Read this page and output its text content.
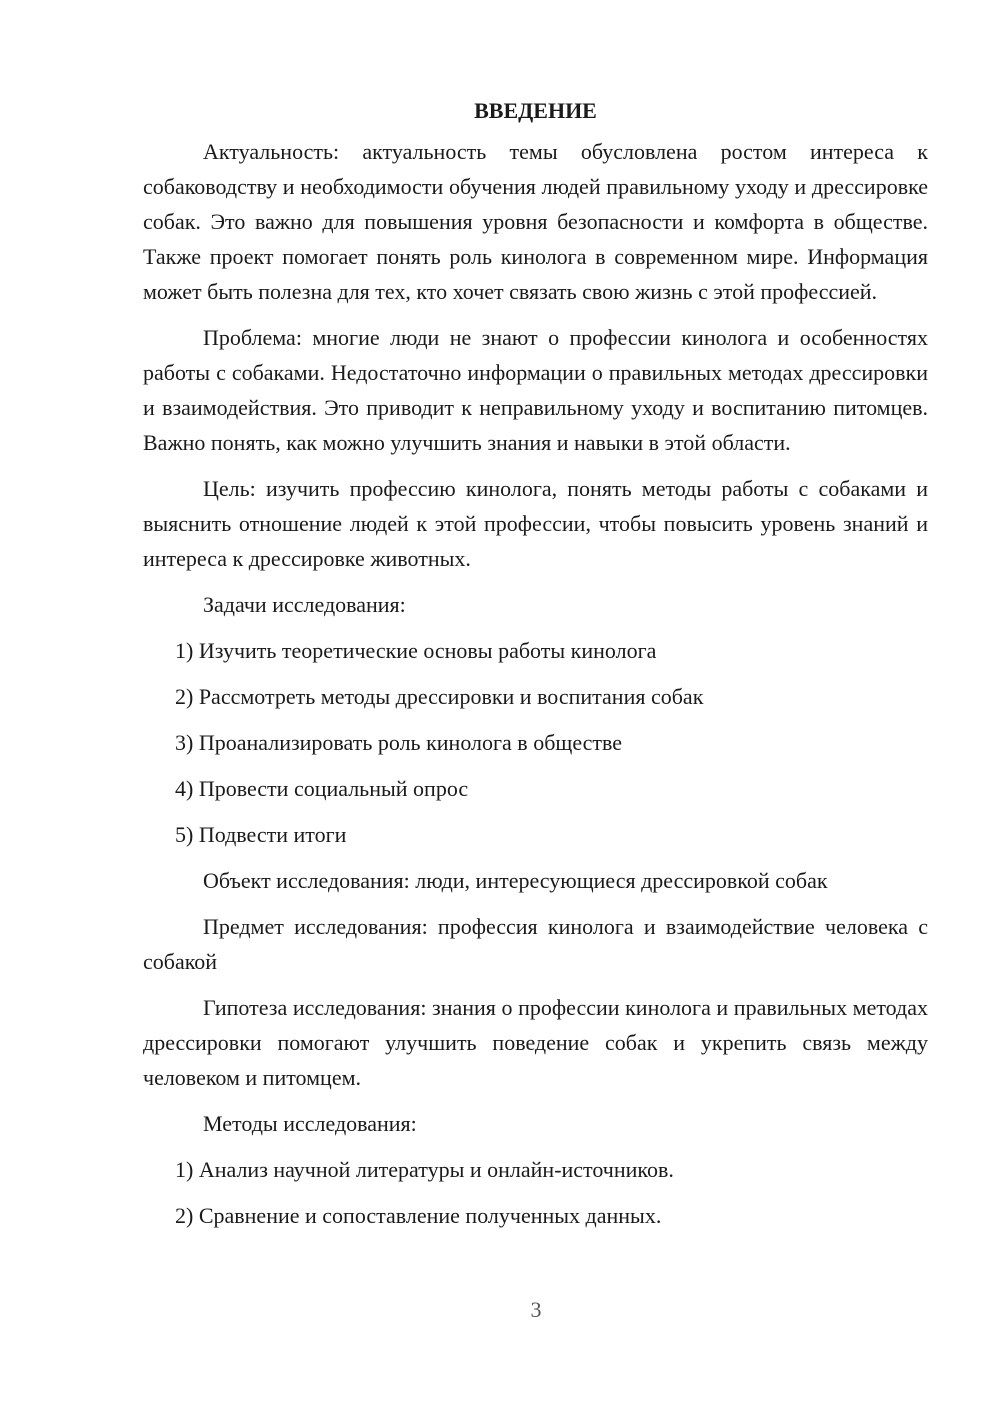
ВВЕДЕНИЕ

Актуальность: актуальность темы обусловлена ростом интереса к собаководству и необходимости обучения людей правильному уходу и дрессировке собак. Это важно для повышения уровня безопасности и комфорта в обществе. Также проект помогает понять роль кинолога в современном мире. Информация может быть полезна для тех, кто хочет связать свою жизнь с этой профессией.

Проблема: многие люди не знают о профессии кинолога и особенностях работы с собаками. Недостаточно информации о правильных методах дрессировки и взаимодействия. Это приводит к неправильному уходу и воспитанию питомцев. Важно понять, как можно улучшить знания и навыки в этой области.

Цель: изучить профессию кинолога, понять методы работы с собаками и выяснить отношение людей к этой профессии, чтобы повысить уровень знаний и интереса к дрессировке животных.

Задачи исследования:

1) Изучить теоретические основы работы кинолога

2) Рассмотреть методы дрессировки и воспитания собак

3) Проанализировать роль кинолога в обществе

4) Провести социальный опрос

5) Подвести итоги

Объект исследования: люди, интересующиеся дрессировкой собак

Предмет исследования: профессия кинолога и взаимодействие человека с собакой

Гипотеза исследования: знания о профессии кинолога и правильных методах дрессировки помогают улучшить поведение собак и укрепить связь между человеком и питомцем.

Методы исследования:

1) Анализ научной литературы и онлайн-источников.

2) Сравнение и сопоставление полученных данных.

3
